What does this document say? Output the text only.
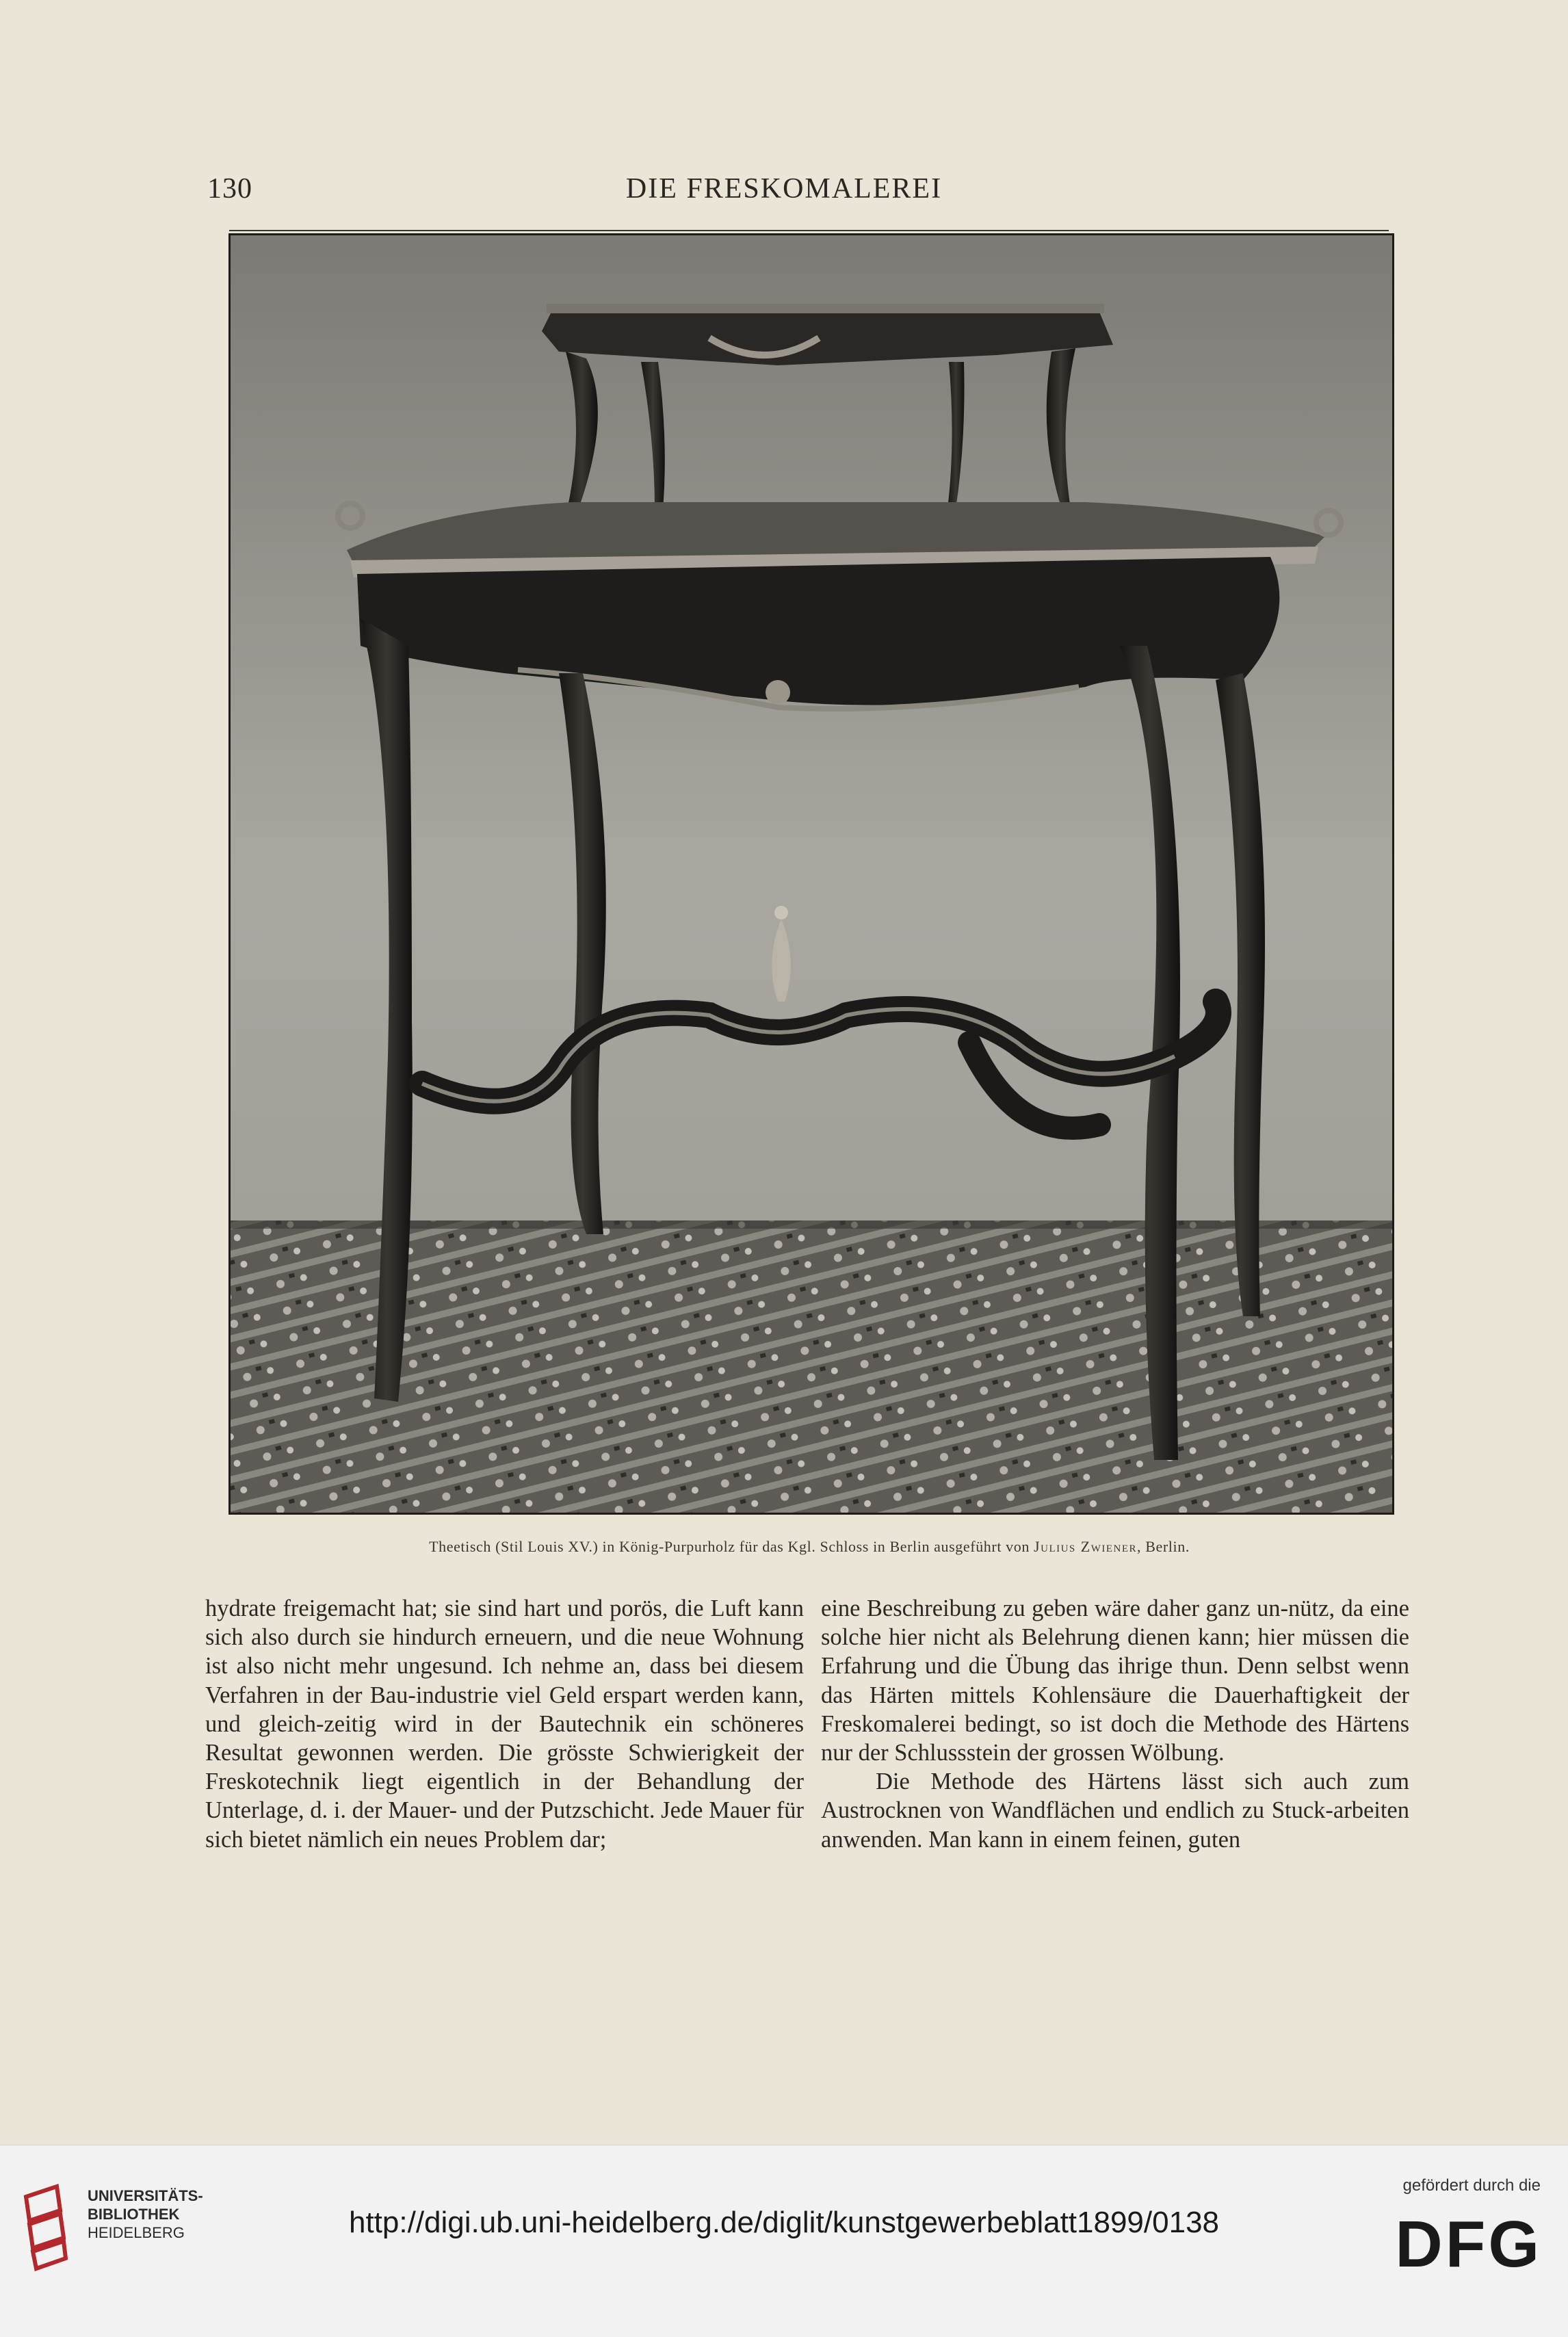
130	DIE FRESKOMALEREI
Theetisch (Stil Louis XV.) in König-Purpurholz für das Kgl. Schloss in Berlin ausgeführt von Julius Zwiener, Berlin.

hydrate freigemacht hat; sie sind hart und porös, die Luft kann sich also durch sie hindurch erneuern, und die neue Wohnung ist also nicht mehr ungesund. Ich nehme an, dass bei diesem Verfahren in der Bau-industrie viel Geld erspart werden kann, und gleich-zeitig wird in der Bautechnik ein schöneres Resultat gewonnen werden. Die grösste Schwierigkeit der Freskotechnik liegt eigentlich in der Behandlung der Unterlage, d. i. der Mauer- und der Putzschicht. Jede Mauer für sich bietet nämlich ein neues Problem dar;

eine Beschreibung zu geben wäre daher ganz un-nütz, da eine solche hier nicht als Belehrung dienen kann; hier müssen die Erfahrung und die Übung das ihrige thun. Denn selbst wenn das Härten mittels Kohlensäure die Dauerhaftigkeit der Freskomalerei bedingt, so ist doch die Methode des Härtens nur der Schlussstein der grossen Wölbung.

Die Methode des Härtens lässt sich auch zum Austrocknen von Wandflächen und endlich zu Stuck-arbeiten anwenden. Man kann in einem feinen, guten

UNIVERSITÄTS-
BIBLIOTHEK
HEIDELBERG	http://digi.ub.uni-heidelberg.de/diglit/kunstgewerbeblatt1899/0138
gefördert durch die
DFG
